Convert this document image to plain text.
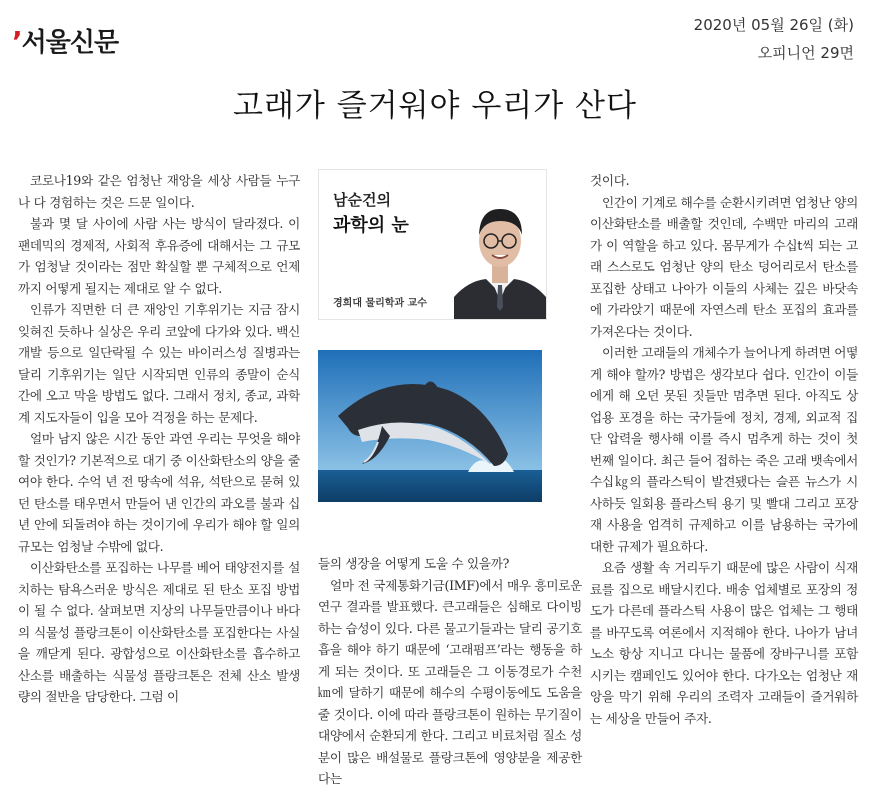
’서울신문
2020년 05월 26일 (화)
오피니언 29면
고래가 즐거워야 우리가 산다

코로나19와 같은 엄청난 재앙을 세상 사람들 누구나 다 경험하는 것은 드문 일이다.

불과 몇 달 사이에 사람 사는 방식이 달라졌다. 이 팬데믹의 경제적, 사회적 후유증에 대해서는 그 규모가 엄청날 것이라는 점만 확실할 뿐 구체적으로 언제까지 어떻게 될지는 제대로 알 수 없다.

인류가 직면한 더 큰 재앙인 기후위기는 지금 잠시 잊혀진 듯하나 실상은 우리 코앞에 다가와 있다. 백신 개발 등으로 일단락될 수 있는 바이러스성 질병과는 달리 기후위기는 일단 시작되면 인류의 종말이 순식간에 오고 막을 방법도 없다. 그래서 정치, 종교, 과학계 지도자들이 입을 모아 걱정을 하는 문제다.

얼마 남지 않은 시간 동안 과연 우리는 무엇을 해야 할 것인가? 기본적으로 대기 중 이산화탄소의 양을 줄여야 한다. 수억 년 전 땅속에 석유, 석탄으로 묻혀 있던 탄소를 태우면서 만들어 낸 인간의 과오를 불과 십 년 안에 되돌려야 하는 것이기에 우리가 해야 할 일의 규모는 엄청날 수밖에 없다.

이산화탄소를 포집하는 나무를 베어 태양전지를 설치하는 탐욕스러운 방식은 제대로 된 탄소 포집 방법이 될 수 없다. 살펴보면 지상의 나무들만큼이나 바다의 식물성 플랑크톤이 이산화탄소를 포집한다는 사실을 깨닫게 된다. 광합성으로 이산화탄소를 흡수하고 산소를 배출하는 식물성 플랑크톤은 전체 산소 발생량의 절반을 담당한다. 그럼 이

남순건의
과학의 눈
경희대 물리학과 교수

들의 생장을 어떻게 도울 수 있을까?

얼마 전 국제통화기금(IMF)에서 매우 흥미로운 연구 결과를 발표했다. 큰고래들은 심해로 다이빙하는 습성이 있다. 다른 물고기들과는 달리 공기호흡을 해야 하기 때문에 ‘고래펌프’라는 행동을 하게 되는 것이다. 또 고래들은 그 이동경로가 수천㎞에 달하기 때문에 해수의 수평이동에도 도움을 줄 것이다. 이에 따라 플랑크톤이 원하는 무기질이 대양에서 순환되게 한다. 그리고 비료처럼 질소 성분이 많은 배설물로 플랑크톤에 영양분을 제공한다는

것이다.

인간이 기계로 해수를 순환시키려면 엄청난 양의 이산화탄소를 배출할 것인데, 수백만 마리의 고래가 이 역할을 하고 있다. 몸무게가 수십t씩 되는 고래 스스로도 엄청난 양의 탄소 덩어리로서 탄소를 포집한 상태고 나아가 이들의 사체는 깊은 바닷속에 가라앉기 때문에 자연스레 탄소 포집의 효과를 가져온다는 것이다.

이러한 고래들의 개체수가 늘어나게 하려면 어떻게 해야 할까? 방법은 생각보다 쉽다. 인간이 이들에게 해 오던 못된 짓들만 멈추면 된다. 아직도 상업용 포경을 하는 국가들에 정치, 경제, 외교적 집단 압력을 행사해 이를 즉시 멈추게 하는 것이 첫 번째 일이다. 최근 들어 접하는 죽은 고래 뱃속에서 수십㎏의 플라스틱이 발견됐다는 슬픈 뉴스가 시사하듯 일회용 플라스틱 용기 및 빨대 그리고 포장재 사용을 엄격히 규제하고 이를 남용하는 국가에 대한 규제가 필요하다.

요즘 생활 속 거리두기 때문에 많은 사람이 식재료를 집으로 배달시킨다. 배송 업체별로 포장의 정도가 다른데 플라스틱 사용이 많은 업체는 그 행태를 바꾸도록 여론에서 지적해야 한다. 나아가 남녀노소 항상 지니고 다니는 물품에 장바구니를 포함시키는 캠페인도 있어야 한다. 다가오는 엄청난 재앙을 막기 위해 우리의 조력자 고래들이 즐거워하는 세상을 만들어 주자.
